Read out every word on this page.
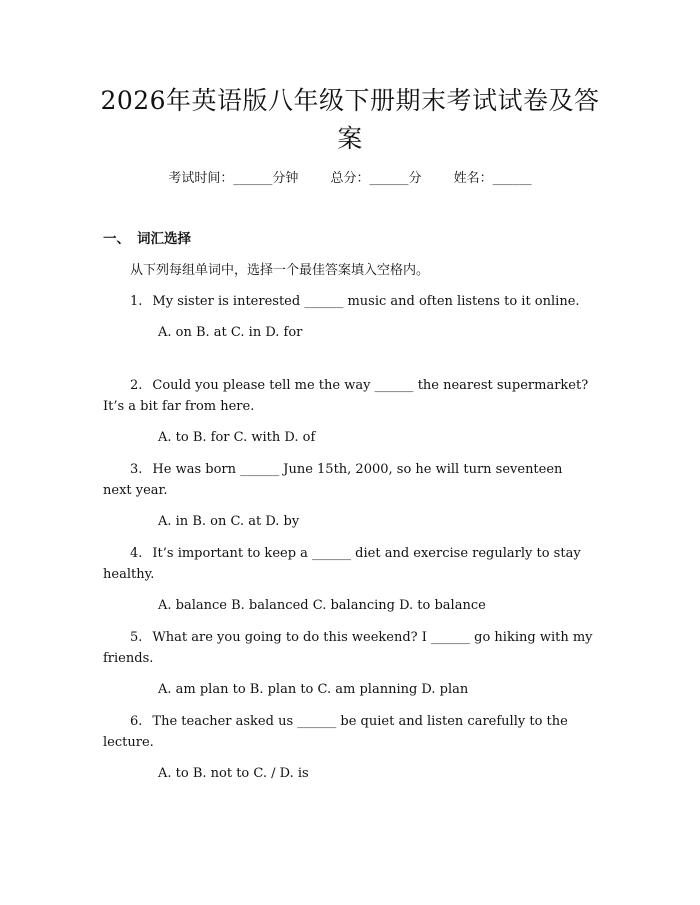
2026年英语版八年级下册期末考试试卷及答案
考试时间：______分钟 总分：______分 姓名：______
一、 词汇选择
从下列每组单词中，选择一个最佳答案填入空格内。

1. My sister is interested ______ music and often listens to it online.

A. on B. at C. in D. for

2. Could you please tell me the way ______ the nearest supermarket? It’s a bit far from here.

A. to B. for C. with D. of

3. He was born ______ June 15th, 2000, so he will turn seventeen next year.

A. in B. on C. at D. by

4. It’s important to keep a ______ diet and exercise regularly to stay healthy.

A. balance B. balanced C. balancing D. to balance

5. What are you going to do this weekend? I ______ go hiking with my friends.

A. am plan to B. plan to C. am planning D. plan

6. The teacher asked us ______ be quiet and listen carefully to the lecture.

A. to B. not to C. / D. is
